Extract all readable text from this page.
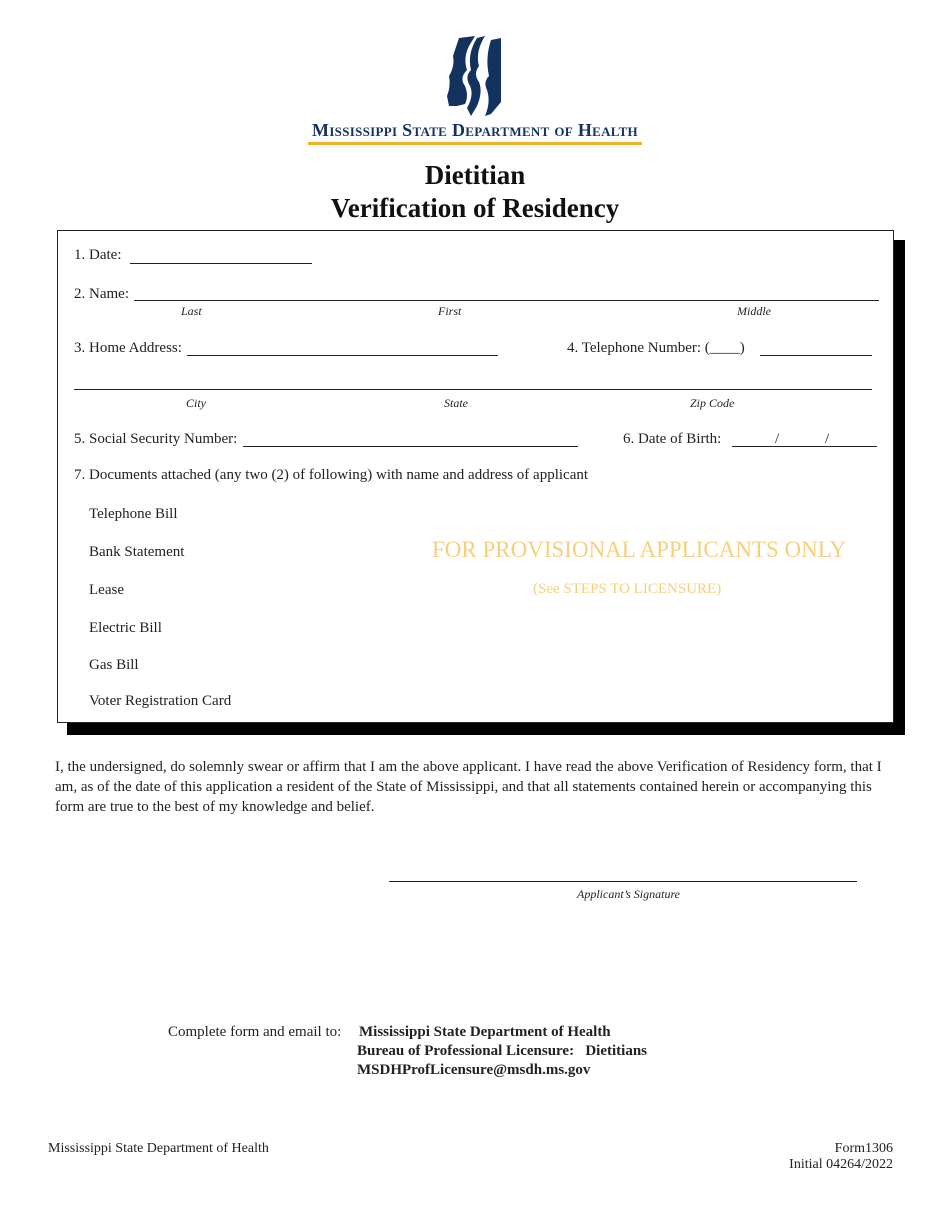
Mississippi State Department of Health
Dietitian
Verification of Residency
1. Date:
2. Name:
Last	First	Middle
3. Home Address:	4. Telephone Number: (____)
City	State	Zip Code
5. Social Security Number:	6. Date of Birth:	/	/
7. Documents attached (any two (2) of following) with name and address of applicant
Telephone Bill
Bank Statement
Lease
Electric Bill
Gas Bill
Voter Registration Card
FOR PROVISIONAL APPLICANTS ONLY
(See STEPS TO LICENSURE)
I, the undersigned, do solemnly swear or affirm that I am the above applicant. I have read the above Verification of Residency form, that I am, as of the date of this application a resident of the State of Mississippi, and that all statements contained herein or accompanying this form are true to the best of my knowledge and belief.
Applicant’s Signature
Complete form and email to: Mississippi State Department of Health
Bureau of Professional Licensure:   Dietitians
MSDHProfLicensure@msdh.ms.gov
Mississippi State Department of Health	Form1306
Initial 04264/2022
